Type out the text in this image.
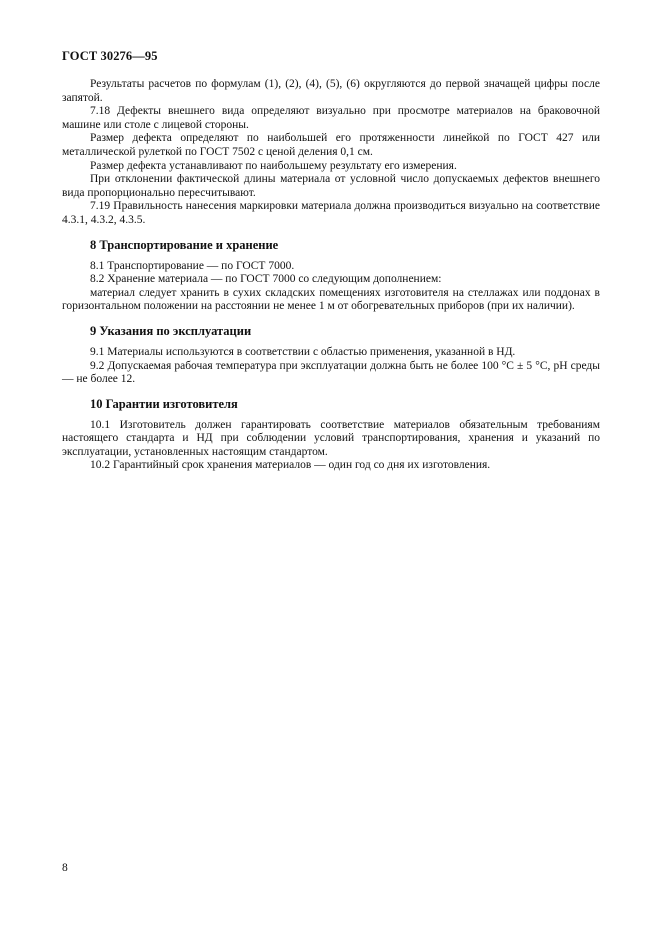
ГОСТ 30276—95

Результаты расчетов по формулам (1), (2), (4), (5), (6) округляются до первой значащей цифры после запятой.

7.18 Дефекты внешнего вида определяют визуально при просмотре материалов на браковочной машине или столе с лицевой стороны.

Размер дефекта определяют по наибольшей его протяженности линейкой по ГОСТ 427 или металлической рулеткой по ГОСТ 7502 с ценой деления 0,1 см.

Размер дефекта устанавливают по наибольшему результату его измерения.

При отклонении фактической длины материала от условной число допускаемых дефектов внешнего вида пропорционально пересчитывают.

7.19 Правильность нанесения маркировки материала должна производиться визуально на соответствие 4.3.1, 4.3.2, 4.3.5.

8 Транспортирование и хранение

8.1 Транспортирование — по ГОСТ 7000.

8.2 Хранение материала — по ГОСТ 7000 со следующим дополнением:

материал следует хранить в сухих складских помещениях изготовителя на стеллажах или поддонах в горизонтальном положении на расстоянии не менее 1 м от обогревательных приборов (при их наличии).

9 Указания по эксплуатации

9.1 Материалы используются в соответствии с областью применения, указанной в НД.

9.2 Допускаемая рабочая температура при эксплуатации должна быть не более 100 °С ± 5 °С, pH среды — не более 12.

10 Гарантии изготовителя

10.1 Изготовитель должен гарантировать соответствие материалов обязательным требованиям настоящего стандарта и НД при соблюдении условий транспортирования, хранения и указаний по эксплуатации, установленных настоящим стандартом.

10.2 Гарантийный срок хранения материалов — один год со дня их изготовления.

8
